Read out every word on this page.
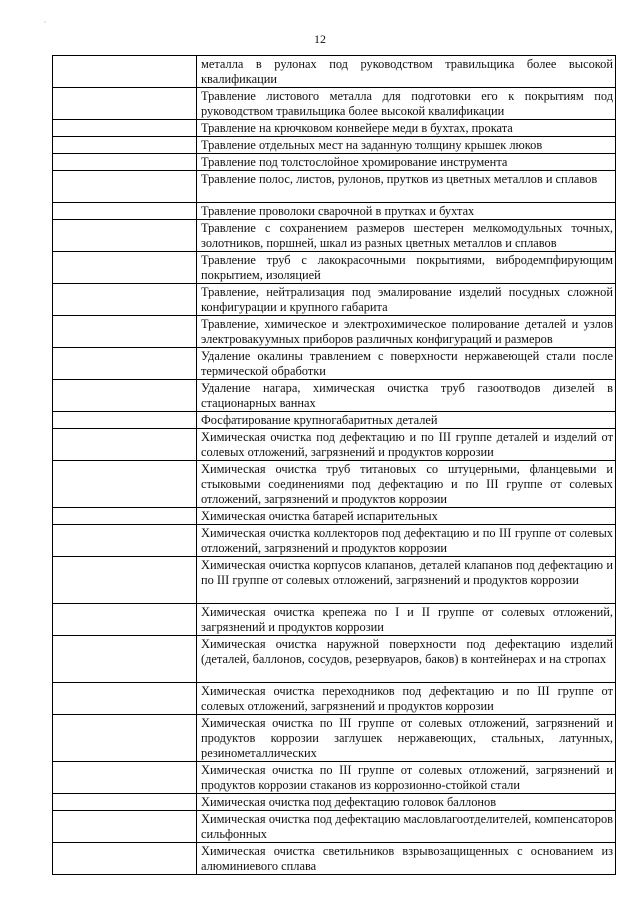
·
12

	металла в рулонах под руководством травильщика более высокой квалификации

	Травление листового металла для подготовки его к покрытиям под руководством травильщика более высокой квалификации

	Травление на крючковом конвейере меди в бухтах, проката

	Травление отдельных мест на заданную толщину крышек люков

	Травление под толстослойное хромирование инструмента

	Травление полос, листов, рулонов, прутков из цветных металлов и сплавов

	Травление проволоки сварочной в прутках и бухтах

	Травление с сохранением размеров шестерен мелкомодульных точных, золотников, поршней, шкал из разных цветных металлов и сплавов

	Травление труб с лакокрасочными покрытиями, вибродемпфирующим покрытием, изоляцией

	Травление, нейтрализация под эмалирование изделий посудных сложной конфигурации и крупного габарита

	Травление, химическое и электрохимическое полирование деталей и узлов электровакуумных приборов различных конфигураций и размеров

	Удаление окалины травлением с поверхности нержавеющей стали после термической обработки

	Удаление нагара, химическая очистка труб газоотводов дизелей в стационарных ваннах

	Фосфатирование крупногабаритных деталей

	Химическая очистка под дефектацию и по III группе деталей и изделий от солевых отложений, загрязнений и продуктов коррозии

	Химическая очистка труб титановых со штуцерными, фланцевыми и стыковыми соединениями под дефектацию и по III группе от солевых отложений, загрязнений и продуктов коррозии

	Химическая очистка батарей испарительных

	Химическая очистка коллекторов под дефектацию и по III группе от солевых отложений, загрязнений и продуктов коррозии

	Химическая очистка корпусов клапанов, деталей клапанов под дефектацию и по III группе от солевых отложений, загрязнений и продуктов коррозии

	Химическая очистка крепежа по I и II группе от солевых отложений, загрязнений и продуктов коррозии

	Химическая очистка наружной поверхности под дефектацию изделий (деталей, баллонов, сосудов, резервуаров, баков) в контейнерах и на стропах

	Химическая очистка переходников под дефектацию и по III группе от солевых отложений, загрязнений и продуктов коррозии

	Химическая очистка по III группе от солевых отложений, загрязнений и продуктов коррозии заглушек нержавеющих, стальных, латунных, резинометаллических

	Химическая очистка по III группе от солевых отложений, загрязнений и продуктов коррозии стаканов из коррозионно-стойкой стали

	Химическая очистка под дефектацию головок баллонов

	Химическая очистка под дефектацию масловлагоотделителей, компенсаторов сильфонных

	Химическая очистка светильников взрывозащищенных с основанием из алюминиевого сплава
